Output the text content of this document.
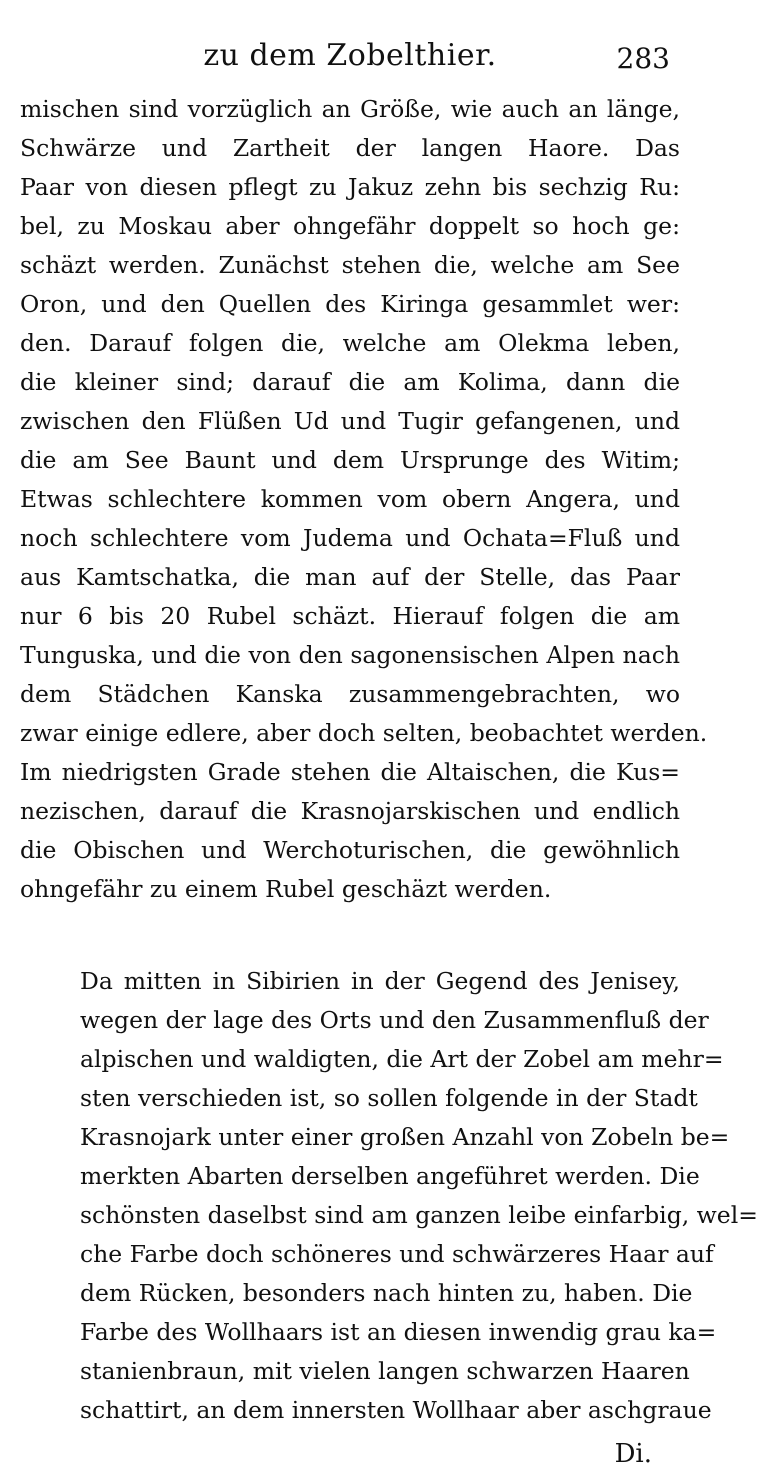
zu dem Zobelthier.	283
mischen sind vorzüglich an Größe, wie auch an länge,
Schwärze und Zartheit der langen Haore. Das
Paar von diesen pflegt zu Jakuz zehn bis sechzig Ru:
bel, zu Moskau aber ohngefähr doppelt so hoch ge:
schäzt werden. Zunächst stehen die, welche am See
Oron, und den Quellen des Kiringa gesammlet wer:
den. Darauf folgen die, welche am Olekma leben,
die kleiner sind; darauf die am Kolima, dann die
zwischen den Flüßen Ud und Tugir gefangenen, und
die am See Baunt und dem Ursprunge des Witim;
Etwas schlechtere kommen vom obern Angera, und
noch schlechtere vom Judema und Ochata=Fluß und
aus Kamtschatka, die man auf der Stelle, das Paar
nur 6 bis 20 Rubel schäzt. Hierauf folgen die am
Tunguska, und die von den sagonensischen Alpen nach
dem Städchen Kanska zusammengebrachten, wo
zwar einige edlere, aber doch selten, beobachtet werden.
Im niedrigsten Grade stehen die Altaischen, die Kus=
nezischen, darauf die Krasnojarskischen und endlich
die Obischen und Werchoturischen, die gewöhnlich
ohngefähr zu einem Rubel geschäzt werden.
Da mitten in Sibirien in der Gegend des Jenisey,
wegen der lage des Orts und den Zusammenfluß der
alpischen und waldigten, die Art der Zobel am mehr=
sten verschieden ist, so sollen folgende in der Stadt
Krasnojark unter einer großen Anzahl von Zobeln be=
merkten Abarten derselben angeführet werden. Die
schönsten daselbst sind am ganzen leibe einfarbig, wel=
che Farbe doch schöneres und schwärzeres Haar auf
dem Rücken, besonders nach hinten zu, haben. Die
Farbe des Wollhaars ist an diesen inwendig grau ka=
stanienbraun, mit vielen langen schwarzen Haaren
schattirt, an dem innersten Wollhaar aber aschgraue
Di.
